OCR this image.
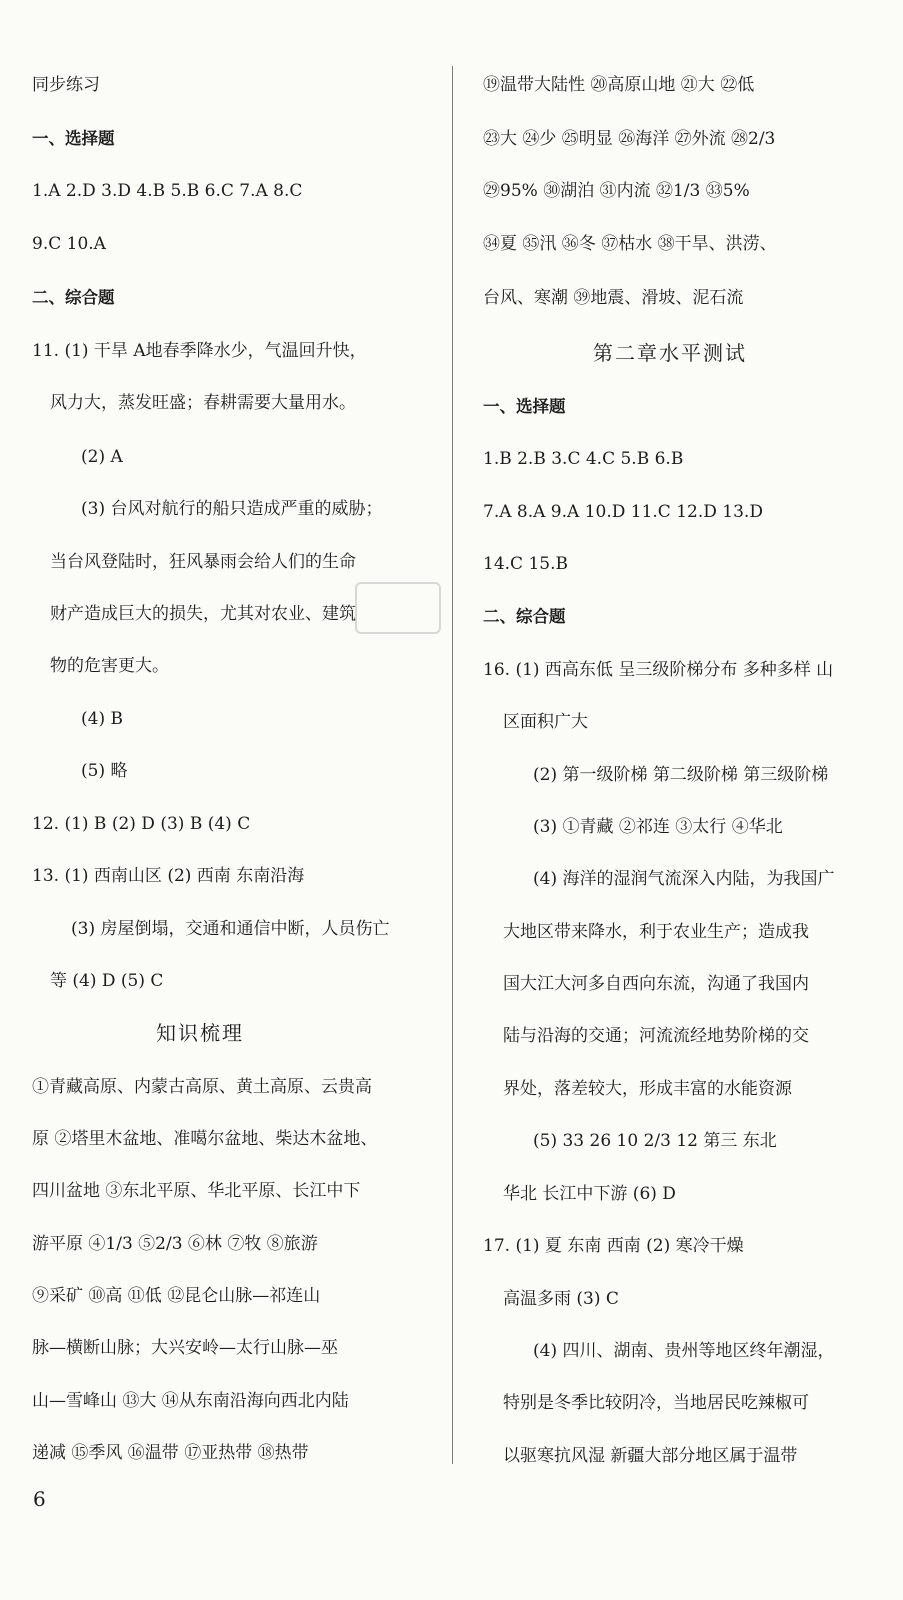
同步练习
一、选择题
1.A 2.D 3.D 4.B 5.B 6.C 7.A 8.C
9.C 10.A
二、综合题
11. (1) 干旱 A地春季降水少，气温回升快，
风力大，蒸发旺盛；春耕需要大量用水。
(2) A
(3) 台风对航行的船只造成严重的威胁；
当台风登陆时，狂风暴雨会给人们的生命
财产造成巨大的损失，尤其对农业、建筑
物的危害更大。
(4) B
(5) 略
12. (1) B (2) D (3) B (4) C
13. (1) 西南山区 (2) 西南 东南沿海
(3) 房屋倒塌，交通和通信中断，人员伤亡
等 (4) D (5) C
知识梳理
①青藏高原、内蒙古高原、黄土高原、云贵高
原 ②塔里木盆地、准噶尔盆地、柴达木盆地、
四川盆地 ③东北平原、华北平原、长江中下
游平原 ④1/3 ⑤2/3 ⑥林 ⑦牧 ⑧旅游
⑨采矿 ⑩高 ⑪低 ⑫昆仑山脉—祁连山
脉—横断山脉；大兴安岭—太行山脉—巫
山—雪峰山 ⑬大 ⑭从东南沿海向西北内陆
递减 ⑮季风 ⑯温带 ⑰亚热带 ⑱热带
⑲温带大陆性 ⑳高原山地 ㉑大 ㉒低
㉓大 ㉔少 ㉕明显 ㉖海洋 ㉗外流 ㉘2/3
㉙95% ㉚湖泊 ㉛内流 ㉜1/3 ㉝5%
㉞夏 ㉟汛 ㊱冬 ㊲枯水 ㊳干旱、洪涝、
台风、寒潮 ㊴地震、滑坡、泥石流
第二章水平测试
一、选择题
1.B 2.B 3.C 4.C 5.B 6.B
7.A 8.A 9.A 10.D 11.C 12.D 13.D
14.C 15.B
二、综合题
16. (1) 西高东低 呈三级阶梯分布 多种多样 山
区面积广大
(2) 第一级阶梯 第二级阶梯 第三级阶梯
(3) ①青藏 ②祁连 ③太行 ④华北
(4) 海洋的湿润气流深入内陆，为我国广
大地区带来降水，利于农业生产；造成我
国大江大河多自西向东流，沟通了我国内
陆与沿海的交通；河流流经地势阶梯的交
界处，落差较大，形成丰富的水能资源
(5) 33 26 10 2/3 12 第三 东北
华北 长江中下游 (6) D
17. (1) 夏 东南 西南 (2) 寒冷干燥
高温多雨 (3) C
(4) 四川、湖南、贵州等地区终年潮湿，
特别是冬季比较阴冷，当地居民吃辣椒可
以驱寒抗风湿 新疆大部分地区属于温带
6
